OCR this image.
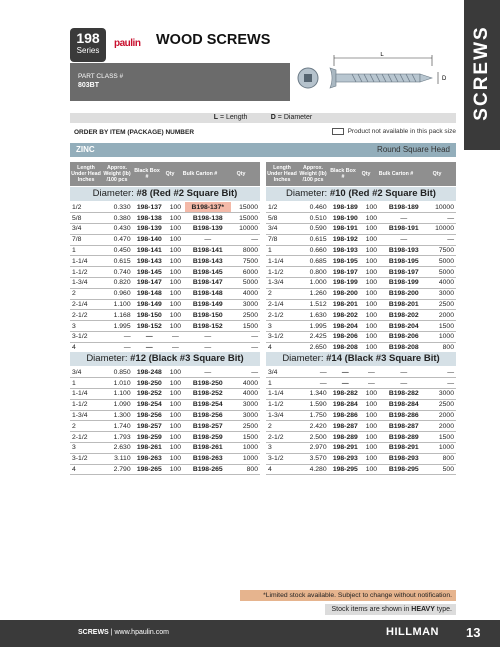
SCREWS
198
Series
paulin WOOD SCREWS
PART CLASS #
803BT
L
D
L = Length	D = Diameter
ORDER BY ITEM (PACKAGE) NUMBER	Product not available in this pack size
ZINC	Round Square Head
Length Under Head Inches
Approx. Weight (lb) /100 pcs
Black Box #	Qty	Bulk Carton #	Qty
Diameter: #8 (Red #2 Square Bit)
1/2	0.330	198-137	100	B198-137*	15000
5/8	0.380	198-138	100	B198-138	15000
3/4	0.430	198-139	100	B198-139	10000
7/8	0.470	198-140	100	—	—
1	0.450	198-141	100	B198-141	8000
1-1/4	0.615	198-143	100	B198-143	7500
1-1/2	0.740	198-145	100	B198-145	6000
1-3/4	0.820	198-147	100	B198-147	5000
2	0.960	198-148	100	B198-148	4000
2-1/4	1.100	198-149	100	B198-149	3000
2-1/2	1.168	198-150	100	B198-150	2500
3	1.995	198-152	100	B198-152	1500
3-1/2	—	—	—	—	—
4	—	—	—	—	—
Length Under Head Inches
Approx. Weight (lb) /100 pcs
Black Box #	Qty	Bulk Carton #	Qty
Diameter: #10 (Red #2 Square Bit)
1/2	0.460	198-189	100	B198-189	10000
5/8	0.510	198-190	100	—	—
3/4	0.590	198-191	100	B198-191	10000
7/8	0.615	198-192	100	—	—
1	0.660	198-193	100	B198-193	7500
1-1/4	0.685	198-195	100	B198-195	5000
1-1/2	0.800	198-197	100	B198-197	5000
1-3/4	1.000	198-199	100	B198-199	4000
2	1.260	198-200	100	B198-200	3000
2-1/4	1.512	198-201	100	B198-201	2500
2-1/2	1.630	198-202	100	B198-202	2000
3	1.995	198-204	100	B198-204	1500
3-1/2	2.425	198-206	100	B198-206	1000
4	2.650	198-208	100	B198-208	800
Diameter: #12 (Black #3 Square Bit)
3/4	0.850	198-248	100	—	—
1	1.010	198-250	100	B198-250	4000
1-1/4	1.100	198-252	100	B198-252	4000
1-1/2	1.090	198-254	100	B198-254	3000
1-3/4	1.300	198-256	100	B198-256	3000
2	1.740	198-257	100	B198-257	2500
2-1/2	1.793	198-259	100	B198-259	1500
3	2.630	198-261	100	B198-261	1000
3-1/2	3.110	198-263	100	B198-263	1000
4	2.790	198-265	100	B198-265	800
Diameter: #14 (Black #3 Square Bit)
3/4	—	—	—	—	—
1	—	—	—	—	—
1-1/4	1.340	198-282	100	B198-282	3000
1-1/2	1.590	198-284	100	B198-284	2500
1-3/4	1.750	198-286	100	B198-286	2000
2	2.420	198-287	100	B198-287	2000
2-1/2	2.500	198-289	100	B198-289	1500
3	2.970	198-291	100	B198-291	1000
3-1/2	3.570	198-293	100	B198-293	800
4	4.280	198-295	100	B198-295	500
*Limited stock available. Subject to change without notification.
Stock items are shown in HEAVY type.
SCREWS | www.hpaulin.com	HILLMAN 13
